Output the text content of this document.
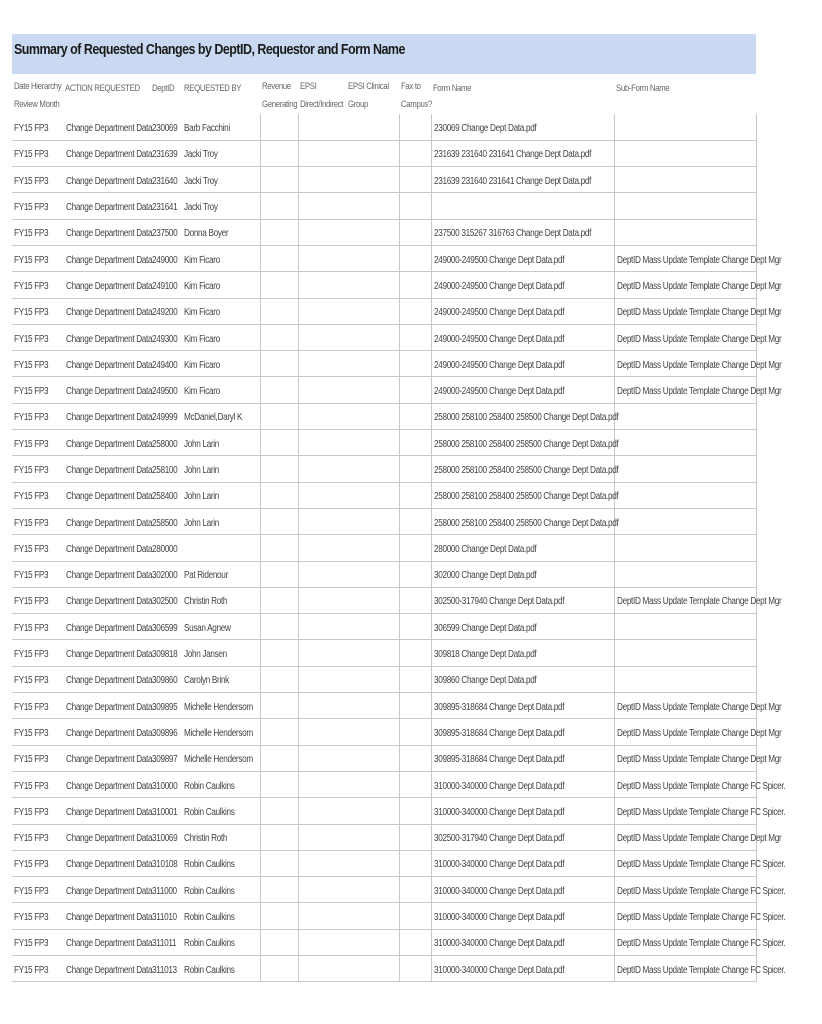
Summary of Requested Changes by DeptID, Requestor and Form Name
Date Hierarchy Review Month	ACTION REQUESTED	DeptID	REQUESTED BY	Revenue Generating	EPSI Direct/Indirect	EPSI Clinical Group	Fax to Campus?	Form Name	Sub-Form Name
FY15 FP3	Change Department Data	230069	Barb Facchini					230069 Change Dept Data.pdf	
FY15 FP3	Change Department Data	231639	Jacki Troy					231639 231640 231641 Change Dept Data.pdf	
FY15 FP3	Change Department Data	231640	Jacki Troy					231639 231640 231641 Change Dept Data.pdf	
FY15 FP3	Change Department Data	231641	Jacki Troy						
FY15 FP3	Change Department Data	237500	Donna Boyer					237500 315267 316763 Change Dept Data.pdf	
FY15 FP3	Change Department Data	249000	Kim Ficaro					249000-249500 Change Dept Data.pdf	DeptID Mass Update Template Change Dept Mgr
FY15 FP3	Change Department Data	249100	Kim Ficaro					249000-249500 Change Dept Data.pdf	DeptID Mass Update Template Change Dept Mgr
FY15 FP3	Change Department Data	249200	Kim Ficaro					249000-249500 Change Dept Data.pdf	DeptID Mass Update Template Change Dept Mgr
FY15 FP3	Change Department Data	249300	Kim Ficaro					249000-249500 Change Dept Data.pdf	DeptID Mass Update Template Change Dept Mgr
FY15 FP3	Change Department Data	249400	Kim Ficaro					249000-249500 Change Dept Data.pdf	DeptID Mass Update Template Change Dept Mgr
FY15 FP3	Change Department Data	249500	Kim Ficaro					249000-249500 Change Dept Data.pdf	DeptID Mass Update Template Change Dept Mgr
FY15 FP3	Change Department Data	249999	McDaniel,Daryl K					258000 258100 258400 258500 Change Dept Data.pdf	
FY15 FP3	Change Department Data	258000	John Larin					258000 258100 258400 258500 Change Dept Data.pdf	
FY15 FP3	Change Department Data	258100	John Larin					258000 258100 258400 258500 Change Dept Data.pdf	
FY15 FP3	Change Department Data	258400	John Larin					258000 258100 258400 258500 Change Dept Data.pdf	
FY15 FP3	Change Department Data	258500	John Larin					258000 258100 258400 258500 Change Dept Data.pdf	
FY15 FP3	Change Department Data	280000						280000 Change Dept Data.pdf	
FY15 FP3	Change Department Data	302000	Pat Ridenour					302000 Change Dept Data.pdf	
FY15 FP3	Change Department Data	302500	Christin Roth					302500-317940 Change Dept Data.pdf	DeptID Mass Update Template Change Dept Mgr
FY15 FP3	Change Department Data	306599	Susan Agnew					306599 Change Dept Data.pdf	
FY15 FP3	Change Department Data	309818	John Jansen					309818 Change Dept Data.pdf	
FY15 FP3	Change Department Data	309860	Carolyn Brink					309860 Change Dept Data.pdf	
FY15 FP3	Change Department Data	309895	Michelle Hendersom					309895-318684 Change Dept Data.pdf	DeptID Mass Update Template Change Dept Mgr
FY15 FP3	Change Department Data	309896	Michelle Hendersom					309895-318684 Change Dept Data.pdf	DeptID Mass Update Template Change Dept Mgr
FY15 FP3	Change Department Data	309897	Michelle Hendersom					309895-318684 Change Dept Data.pdf	DeptID Mass Update Template Change Dept Mgr
FY15 FP3	Change Department Data	310000	Robin Caulkins					310000-340000 Change Dept Data.pdf	DeptID Mass Update Template Change FC Spicer.
FY15 FP3	Change Department Data	310001	Robin Caulkins					310000-340000 Change Dept Data.pdf	DeptID Mass Update Template Change FC Spicer.
FY15 FP3	Change Department Data	310069	Christin Roth					302500-317940 Change Dept Data.pdf	DeptID Mass Update Template Change Dept Mgr
FY15 FP3	Change Department Data	310108	Robin Caulkins					310000-340000 Change Dept Data.pdf	DeptID Mass Update Template Change FC Spicer.
FY15 FP3	Change Department Data	311000	Robin Caulkins					310000-340000 Change Dept Data.pdf	DeptID Mass Update Template Change FC Spicer.
FY15 FP3	Change Department Data	311010	Robin Caulkins					310000-340000 Change Dept Data.pdf	DeptID Mass Update Template Change FC Spicer.
FY15 FP3	Change Department Data	311011	Robin Caulkins					310000-340000 Change Dept Data.pdf	DeptID Mass Update Template Change FC Spicer.
FY15 FP3	Change Department Data	311013	Robin Caulkins					310000-340000 Change Dept Data.pdf	DeptID Mass Update Template Change FC Spicer.
